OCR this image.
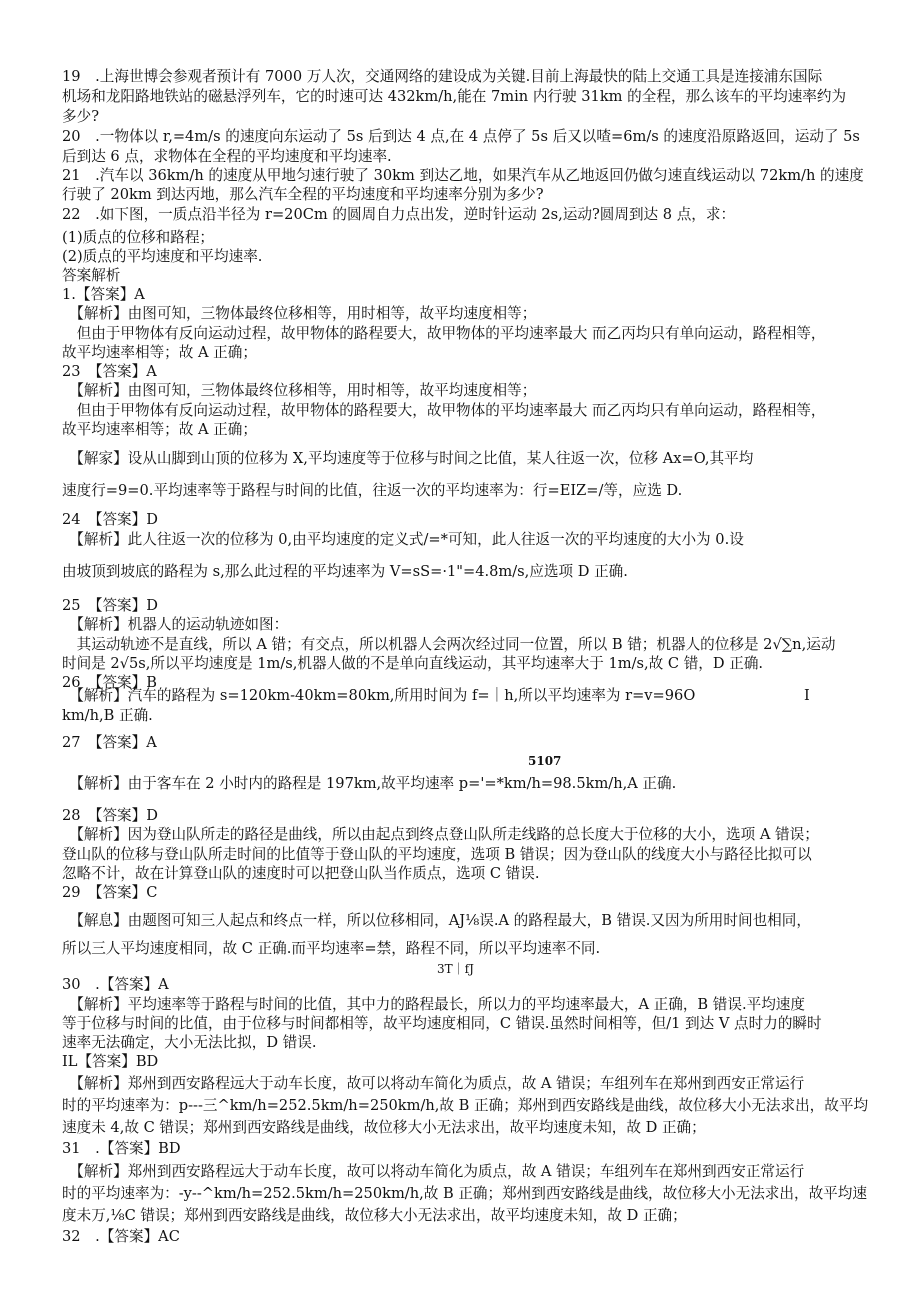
19　.上海世博会参观者预计有 7000 万人次，交通网络的建设成为关键.目前上海最快的陆上交通工具是连接浦东国际
机场和龙阳路地铁站的磁悬浮列车，它的时速可达 432km/h,能在 7min 内行驶 31km 的全程，那么该车的平均速率约为
多少?
20　.一物体以 r,=4m/s 的速度向东运动了 5s 后到达 4 点,在 4 点停了 5s 后又以喳=6m/s 的速度沿原路返回，运动了 5s
后到达 6 点，求物体在全程的平均速度和平均速率.
21　.汽车以 36km/h 的速度从甲地匀速行驶了 30km 到达乙地，如果汽车从乙地返回仍做匀速直线运动以 72km/h 的速度
行驶了 20km 到达丙地，那么汽车全程的平均速度和平均速率分别为多少?
22　.如下图，一质点沿半径为 r=20Cm 的圆周自力点出发，逆时针运动 2s,运动?圆周到达 8 点，求：
(1)质点的位移和路程；
(2)质点的平均速度和平均速率.
答案解析
1.【答案】A
　【解析】由图可知，三物体最终位移相等，用时相等，故平均速度相等；
　但由于甲物体有反向运动过程，故甲物体的路程要大，故甲物体的平均速率最大 而乙丙均只有单向运动，路程相等，
故平均速率相等；故 A 正确；
23　【答案】A
　【解析】由图可知，三物体最终位移相等，用时相等，故平均速度相等；
　但由于甲物体有反向运动过程，故甲物体的路程要大，故甲物体的平均速率最大 而乙丙均只有单向运动，路程相等，
故平均速率相等；故 A 正确；
　【解家】设从山脚到山顶的位移为 X,平均速度等于位移与时间之比值，某人往返一次，位移 Ax=O,其平均
速度行=9=0.平均速率等于路程与时间的比值，往返一次的平均速率为：行=EIZ=/等，应选 D.
24　【答案】D
　【解析】此人往返一次的位移为 0,由平均速度的定义式/=*可知，此人往返一次的平均速度的大小为 0.设
由坡顶到坡底的路程为 s,那么此过程的平均速率为 V=sS=·1"=4.8m/s,应选项 D 正确.
25　【答案】D
　【解析】机器人的运动轨迹如图：
　其运动轨迹不是直线，所以 A 错；有交点，所以机器人会两次经过同一位置，所以 B 错；机器人的位移是 2√∑n,运动
时间是 2√5s,所以平均速度是 1m/s,机器人做的不是单向直线运动，其平均速率大于 1m/s,故 C 错，D 正确.
26　【答案】B
　【解析】汽车的路程为 s=120km-40km=80km,所用时间为 f=｜h,所以平均速率为 r=v=96O	I
km/h,B 正确.
27　【答案】A
5107
　【解析】由于客车在 2 小时内的路程是 197km,故平均速率 p='=*km/h=98.5km/h,A 正确.
28　【答案】D
　【解析】因为登山队所走的路径是曲线，所以由起点到终点登山队所走线路的总长度大于位移的大小，选项 A 错误；
登山队的位移与登山队所走时间的比值等于登山队的平均速度，选项 B 错误；因为登山队的线度大小与路径比拟可以
忽略不计，故在计算登山队的速度时可以把登山队当作质点，选项 C 错误.
29　【答案】C
　【解息】由题图可知三人起点和终点一样，所以位移相同，AJ⅛误.A 的路程最大，B 错误.又因为所用时间也相同，
所以三人平均速度相同，故 C 正确.而平均速率=禁，路程不同，所以平均速率不同.
3T｜fJ
30　.【答案】A
　【解析】平均速率等于路程与时间的比值，其中力的路程最长，所以力的平均速率最大，A 正确，B 错误.平均速度
等于位移与时间的比值，由于位移与时间都相等，故平均速度相同，C 错误.虽然时间相等，但/1 到达 V 点时力的瞬时
速率无法确定，大小无法比拟，D 错误.
IL【答案】BD
　【解析】郑州到西安路程远大于动车长度，故可以将动车简化为质点，故 A 错误；车组列车在郑州到西安正常运行
时的平均速率为：p---三^km/h=252.5km/h=250km/h,故 B 正确；郑州到西安路线是曲线，故位移大小无法求出，故平均
速度未 4,故 C 错误；郑州到西安路线是曲线，故位移大小无法求出，故平均速度未知，故 D 正确；
31　.【答案】BD
　【解析】郑州到西安路程远大于动车长度，故可以将动车简化为质点，故 A 错误；车组列车在郑州到西安正常运行
时的平均速率为：-y--^km/h=252.5km/h=250km/h,故 B 正确；郑州到西安路线是曲线，故位移大小无法求出，故平均速
度未万,⅛C 错误；郑州到西安路线是曲线，故位移大小无法求出，故平均速度未知，故 D 正确；
32　.【答案】AC
